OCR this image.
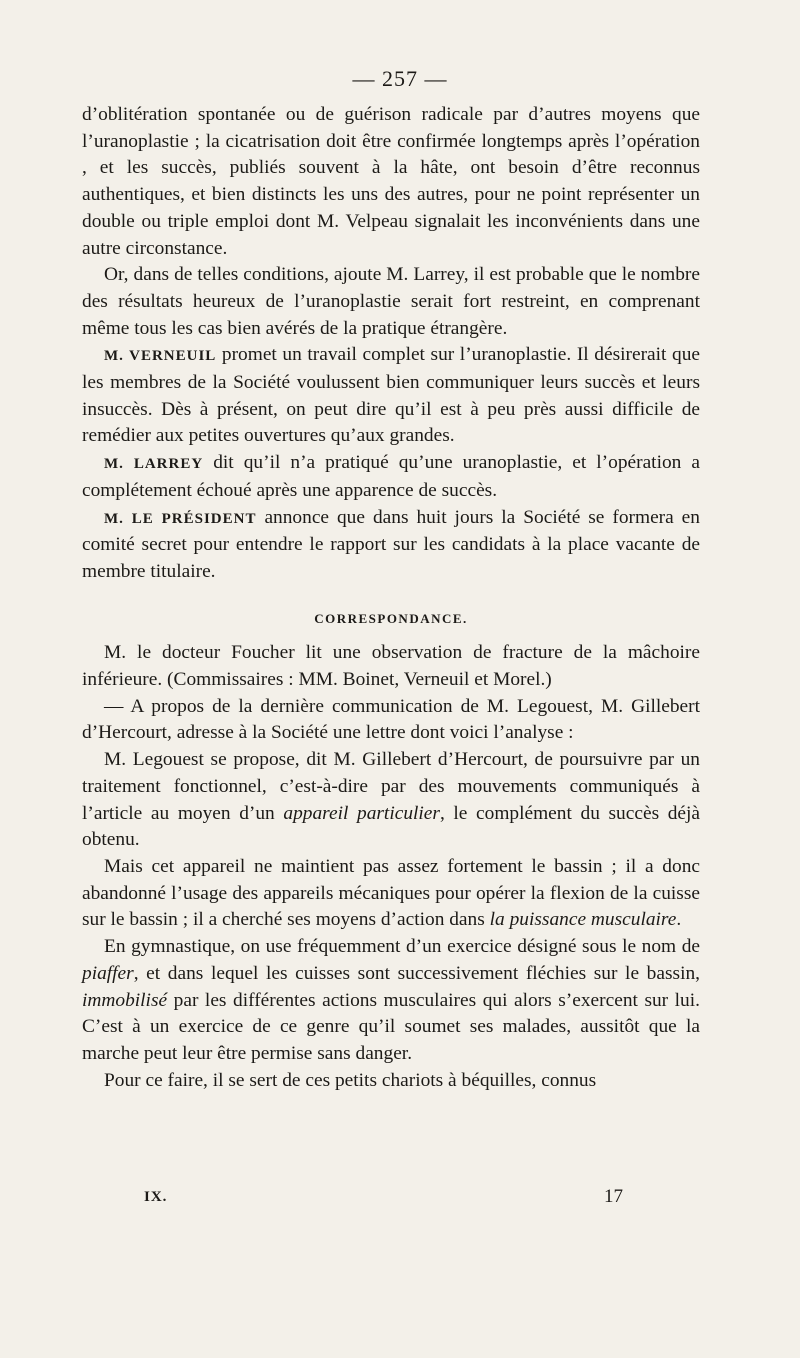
— 257 —

d’oblitération spontanée ou de guérison radicale par d’autres moyens que l’uranoplastie ; la cicatrisation doit être confirmée longtemps après l’opération , et les succès, publiés souvent à la hâte, ont besoin d’être reconnus authentiques, et bien distincts les uns des autres, pour ne point représenter un double ou triple emploi dont M. Velpeau signalait les inconvénients dans une autre circonstance.

Or, dans de telles conditions, ajoute M. Larrey, il est probable que le nombre des résultats heureux de l’uranoplastie serait fort restreint, en comprenant même tous les cas bien avérés de la pratique étrangère.

M. VERNEUIL promet un travail complet sur l’uranoplastie. Il désirerait que les membres de la Société voulussent bien communiquer leurs succès et leurs insuccès. Dès à présent, on peut dire qu’il est à peu près aussi difficile de remédier aux petites ouvertures qu’aux grandes.

M. LARREY dit qu’il n’a pratiqué qu’une uranoplastie, et l’opération a complétement échoué après une apparence de succès.

M. LE PRÉSIDENT annonce que dans huit jours la Société se formera en comité secret pour entendre le rapport sur les candidats à la place vacante de membre titulaire.

CORRESPONDANCE.

M. le docteur Foucher lit une observation de fracture de la mâchoire inférieure. (Commissaires : MM. Boinet, Verneuil et Morel.)

— A propos de la dernière communication de M. Legouest, M. Gillebert d’Hercourt, adresse à la Société une lettre dont voici l’analyse :

M. Legouest se propose, dit M. Gillebert d’Hercourt, de poursuivre par un traitement fonctionnel, c’est-à-dire par des mouvements communiqués à l’article au moyen d’un appareil particulier, le complément du succès déjà obtenu.

Mais cet appareil ne maintient pas assez fortement le bassin ; il a donc abandonné l’usage des appareils mécaniques pour opérer la flexion de la cuisse sur le bassin ; il a cherché ses moyens d’action dans la puissance musculaire.

En gymnastique, on use fréquemment d’un exercice désigné sous le nom de piaffer, et dans lequel les cuisses sont successivement fléchies sur le bassin, immobilisé par les différentes actions musculaires qui alors s’exercent sur lui. C’est à un exercice de ce genre qu’il soumet ses malades, aussitôt que la marche peut leur être permise sans danger.

Pour ce faire, il se sert de ces petits chariots à béquilles, connus

IX.	17
